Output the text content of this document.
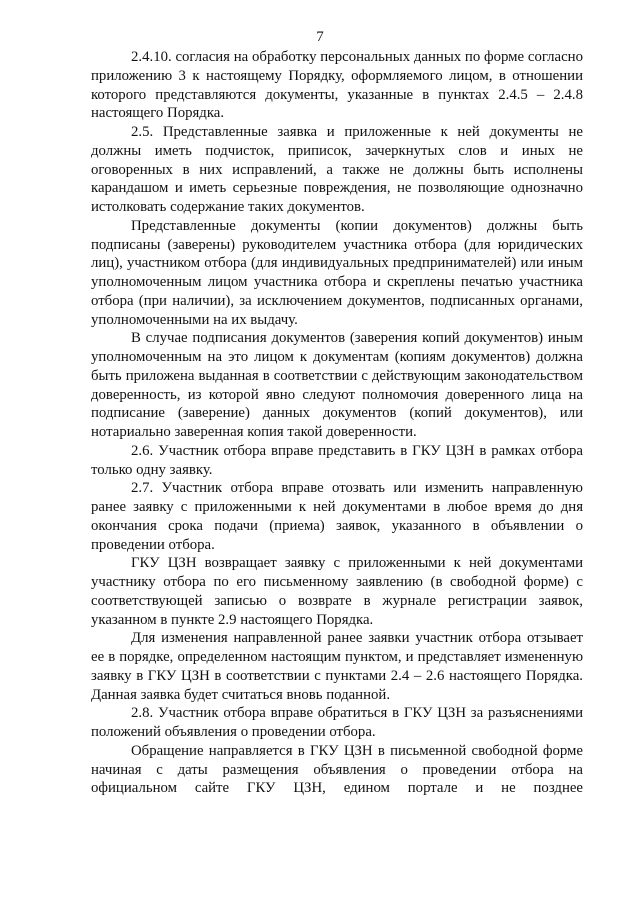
7

2.4.10. согласия на обработку персональных данных по форме согласно приложению 3 к настоящему Порядку, оформляемого лицом, в отношении которого представляются документы, указанные в пунктах 2.4.5 – 2.4.8 настоящего Порядка.

2.5. Представленные заявка и приложенные к ней документы не должны иметь подчисток, приписок, зачеркнутых слов и иных не оговоренных в них исправлений, а также не должны быть исполнены карандашом и иметь серьезные повреждения, не позволяющие однозначно истолковать содержание таких документов.

Представленные документы (копии документов) должны быть подписаны (заверены) руководителем участника отбора (для юридических лиц), участником отбора (для индивидуальных предпринимателей) или иным уполномоченным лицом участника отбора и скреплены печатью участника отбора (при наличии), за исключением документов, подписанных органами, уполномоченными на их выдачу.

В случае подписания документов (заверения копий документов) иным уполномоченным на это лицом к документам (копиям документов) должна быть приложена выданная в соответствии с действующим законодательством доверенность, из которой явно следуют полномочия доверенного лица на подписание (заверение) данных документов (копий документов), или нотариально заверенная копия такой доверенности.

2.6. Участник отбора вправе представить в ГКУ ЦЗН в рамках отбора только одну заявку.

2.7. Участник отбора вправе отозвать или изменить направленную ранее заявку с приложенными к ней документами в любое время до дня окончания срока подачи (приема) заявок, указанного в объявлении о проведении отбора.

ГКУ ЦЗН возвращает заявку с приложенными к ней документами участнику отбора по его письменному заявлению (в свободной форме) с соответствующей записью о возврате в журнале регистрации заявок, указанном в пункте 2.9 настоящего Порядка.

Для изменения направленной ранее заявки участник отбора отзывает ее в порядке, определенном настоящим пунктом, и представляет измененную заявку в ГКУ ЦЗН в соответствии с пунктами 2.4 – 2.6 настоящего Порядка. Данная заявка будет считаться вновь поданной.

2.8. Участник отбора вправе обратиться в ГКУ ЦЗН за разъяснениями положений объявления о проведении отбора.

Обращение направляется в ГКУ ЦЗН в письменной свободной форме начиная с даты размещения объявления о проведении отбора на официальном сайте ГКУ ЦЗН, едином портале и не позднее
